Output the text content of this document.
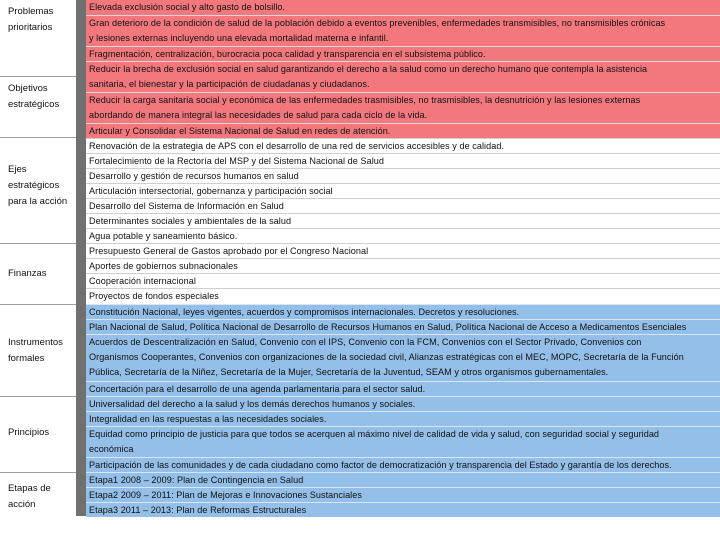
Problemas
prioritarios
Objetivos
estratégicos
Ejes
estratégicos
para la acción
Finanzas
Instrumentos
formales
Principios
Etapas de
acción
Elevada exclusión social y alto gasto de bolsillo.
Gran deterioro de la condición de salud de la población debido a eventos prevenibles, enfermedades transmisibles, no transmisibles crónicas
y lesiones externas incluyendo una elevada mortalidad materna e infantil.
Fragmentación, centralización, burocracia poca calidad y transparencia en el subsistema público.
Reducir la brecha de exclusión social en salud garantizando el derecho a la salud como un derecho humano que contempla la asistencia
sanitaria, el bienestar y la participación de ciudadanas y ciudadanos.
Reducir la carga sanitaria social y económica de las enfermedades trasmisibles, no trasmisibles, la desnutrición y las lesiones externas
abordando de manera integral las necesidades de salud para cada ciclo de la vida.
Articular y Consolidar el Sistema Nacional de Salud en redes de atención.
Renovación de la estrategia de APS con el desarrollo de una red de servicios accesibles y de calidad.
Fortalecimiento de la Rectoría del MSP y del Sistema Nacional de Salud
Desarrollo y gestión de recursos humanos en salud
Articulación intersectorial, gobernanza y participación social
Desarrollo del Sistema de Información en Salud
Determinantes sociales y ambientales de la salud
Agua potable y saneamiento básico.
Presupuesto General de Gastos aprobado por el Congreso Nacional
Aportes de gobiernos subnacionales
Cooperación internacional
Proyectos de fondos especiales
Constitución Nacional, leyes vigentes, acuerdos y compromisos internacionales. Decretos y resoluciones.
Plan Nacional de Salud, Política Nacional de Desarrollo de Recursos Humanos en Salud, Política Nacional de Acceso a Medicamentos Esenciales
Acuerdos de Descentralización en Salud, Convenio con el IPS, Convenio con la FCM, Convenios con el Sector Privado, Convenios con
Organismos Cooperantes, Convenios con organizaciones de la sociedad civil, Alianzas estratégicas con el MEC, MOPC, Secretaría de la Función
Pública, Secretaría de la Niñez, Secretaría de la Mujer, Secretaría de la Juventud, SEAM y otros organismos gubernamentales.
Concertación para el desarrollo de una agenda parlamentaria para el sector salud.
Universalidad del derecho a la salud y los demás derechos humanos y sociales.
Integralidad en las respuestas a las necesidades sociales.
Equidad como principio de justicia para que todos se acerquen al máximo nivel de calidad de vida y salud, con seguridad social y seguridad
económica
Participación de las comunidades y de cada ciudadano como factor de democratización y transparencia del Estado y garantía de los derechos.
Etapa1 2008 – 2009: Plan de Contingencia en Salud
Etapa2 2009 – 2011: Plan de Mejoras e Innovaciones Sustanciales
Etapa3 2011 – 2013: Plan de Reformas Estructurales
